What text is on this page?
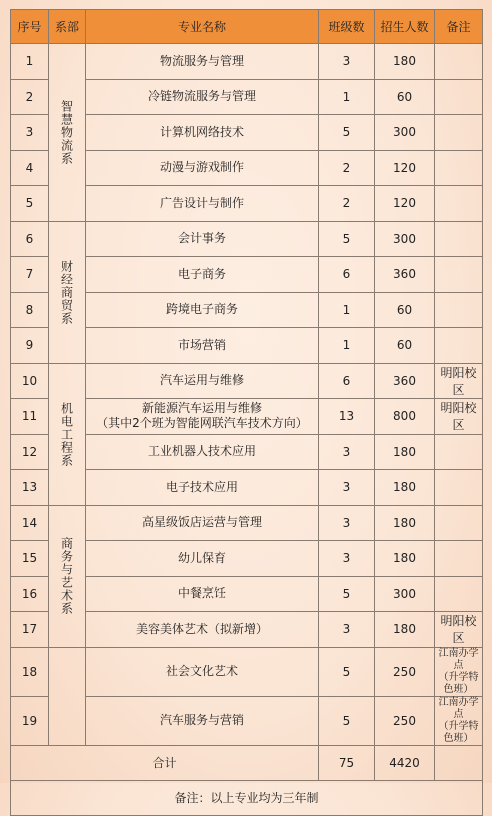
序号	系部	专业名称	班级数	招生人数	备注
1	智慧物流系	物流服务与管理	3	180	

2		冷链物流服务与管理	1	60	

3		计算机网络技术	5	300	

4		动漫与游戏制作	2	120	

5		广告设计与制作	2	120	

6	财经商贸系	会计事务	5	300	

7		电子商务	6	360	

8		跨境电子商务	1	60	

9		市场营销	1	60	

10	机电工程系	汽车运用与维修	6	360	明阳校区

11		新能源汽车运用与维修
（其中2个班为智能网联汽车技术方向）	13	800	明阳校区

12		工业机器人技术应用	3	180	

13		电子技术应用	3	180	

14	商务与艺术系	高星级饭店运营与管理	3	180	

15		幼儿保育	3	180	

16		中餐烹饪	5	300	

17		美容美体艺术（拟新增）	3	180	明阳校区

18		社会文化艺术	5	250	江南办学点
（升学特色班）

19		汽车服务与营销	5	250	江南办学点
（升学特色班）

合计			75	4420	
备注：以上专业均为三年制					
